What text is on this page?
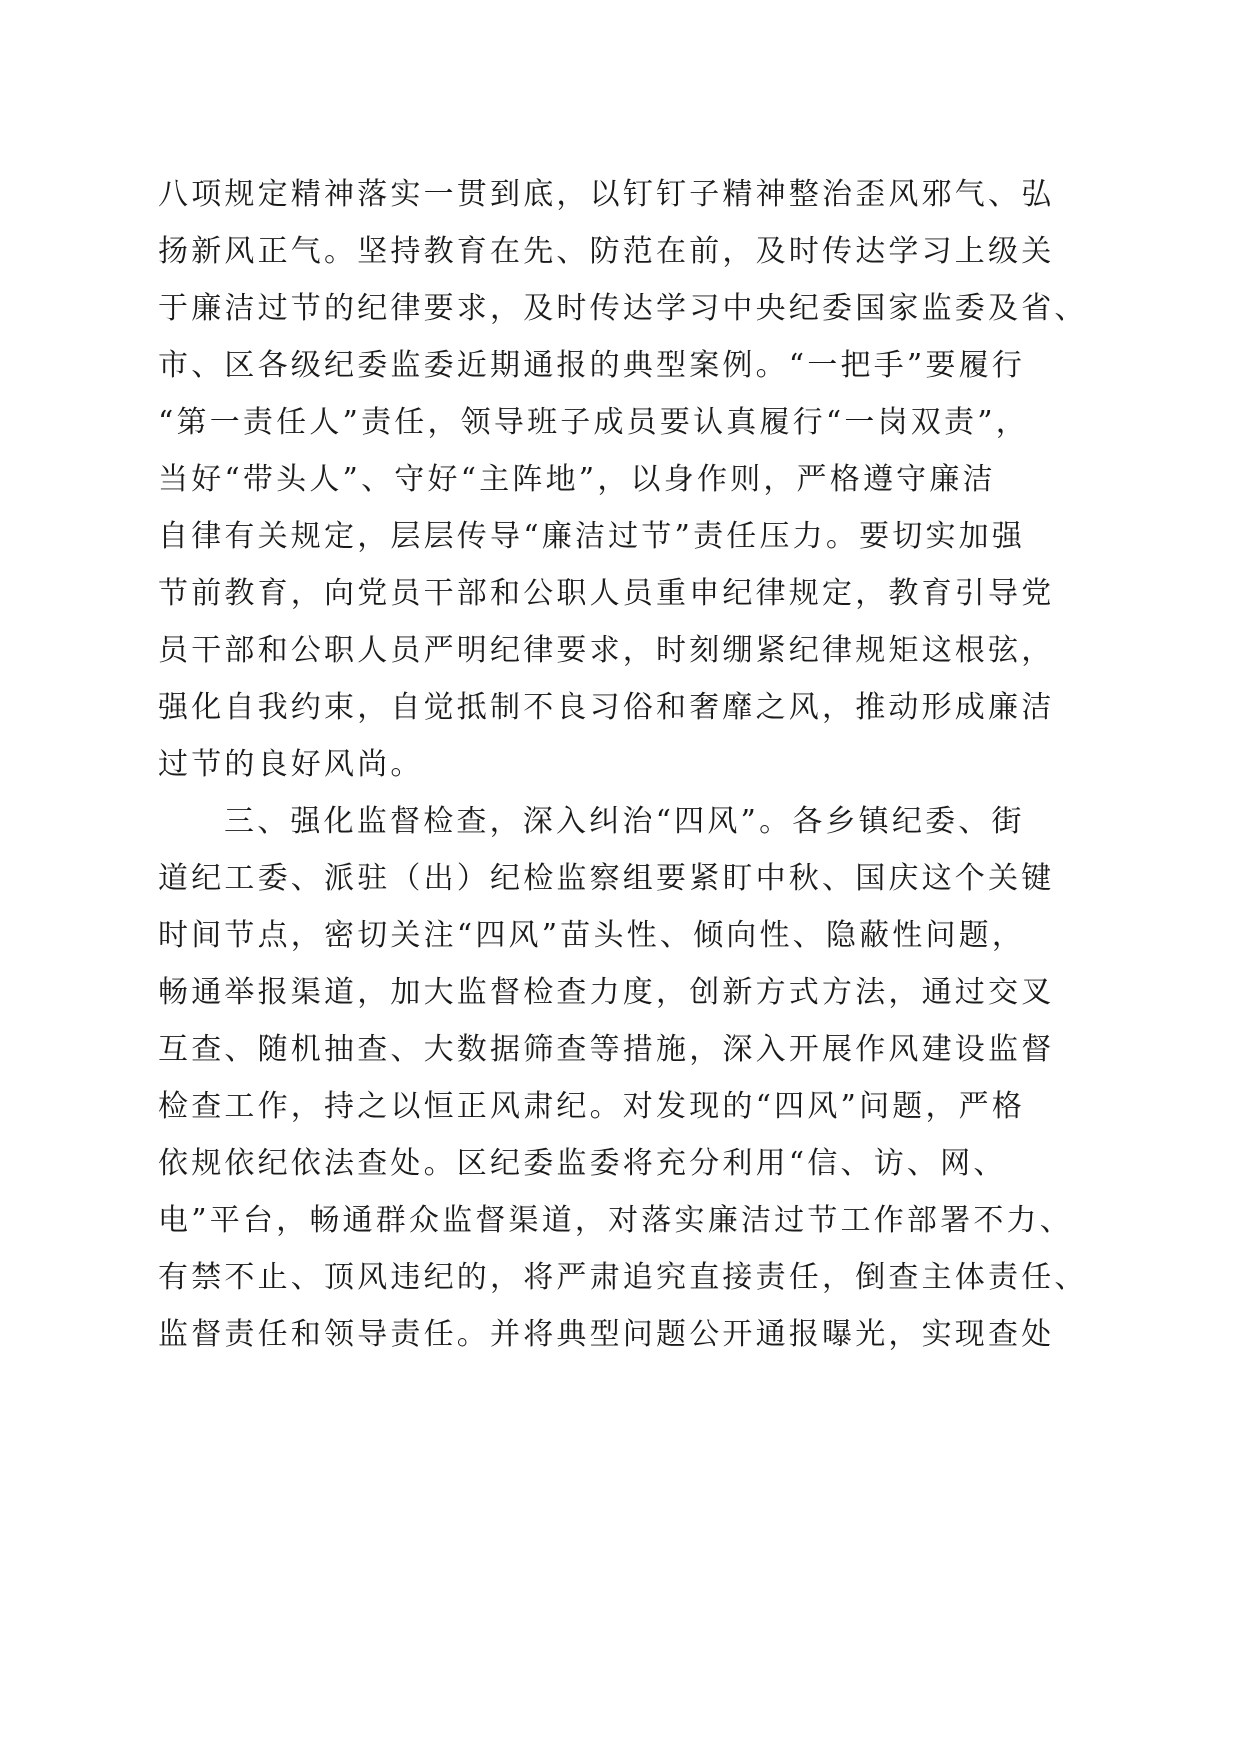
八项规定精神落实一贯到底，以钉钉子精神整治歪风邪气、弘
扬新风正气。坚持教育在先、防范在前，及时传达学习上级关
于廉洁过节的纪律要求，及时传达学习中央纪委国家监委及省、
市、区各级纪委监委近期通报的典型案例。“一把手”要履行
“第一责任人”责任，领导班子成员要认真履行“一岗双责”，
当好“带头人”、守好“主阵地”，以身作则，严格遵守廉洁
自律有关规定，层层传导“廉洁过节”责任压力。要切实加强
节前教育，向党员干部和公职人员重申纪律规定，教育引导党
员干部和公职人员严明纪律要求，时刻绷紧纪律规矩这根弦，
强化自我约束，自觉抵制不良习俗和奢靡之风，推动形成廉洁
过节的良好风尚。
三、强化监督检查，深入纠治“四风”。各乡镇纪委、街
道纪工委、派驻（出）纪检监察组要紧盯中秋、国庆这个关键
时间节点，密切关注“四风”苗头性、倾向性、隐蔽性问题，
畅通举报渠道，加大监督检查力度，创新方式方法，通过交叉
互查、随机抽查、大数据筛查等措施，深入开展作风建设监督
检查工作，持之以恒正风肃纪。对发现的“四风”问题，严格
依规依纪依法查处。区纪委监委将充分利用“信、访、网、
电”平台，畅通群众监督渠道，对落实廉洁过节工作部署不力、
有禁不止、顶风违纪的，将严肃追究直接责任，倒查主体责任、
监督责任和领导责任。并将典型问题公开通报曝光，实现查处
